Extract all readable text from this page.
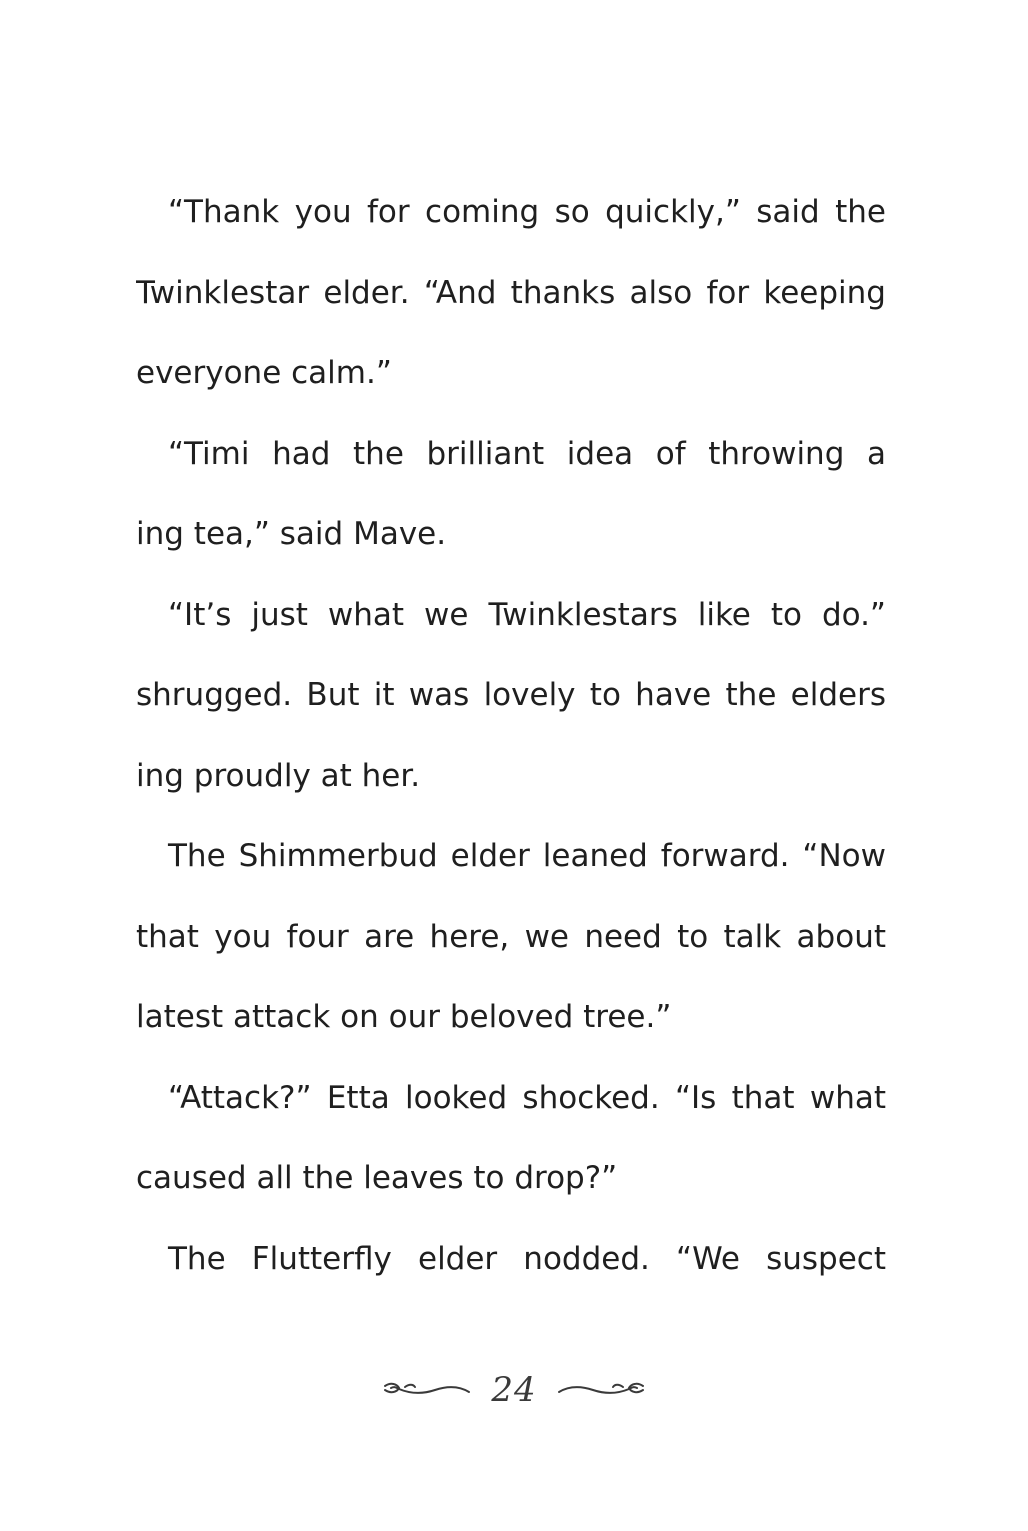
“Thank you for coming so quickly,” said the
Twinklestar elder. “And thanks also for keeping
everyone calm.”
“Timi had the brilliant idea of throwing a
ing tea,” said Mave.
“It’s just what we Twinklestars like to do.”
shrugged. But it was lovely to have the elders
ing proudly at her.
The Shimmerbud elder leaned forward. “Now
that you four are here, we need to talk about
latest attack on our beloved tree.”
“Attack?” Etta looked shocked. “Is that what
caused all the leaves to drop?”
The Flutterfly elder nodded. “We suspect
24
